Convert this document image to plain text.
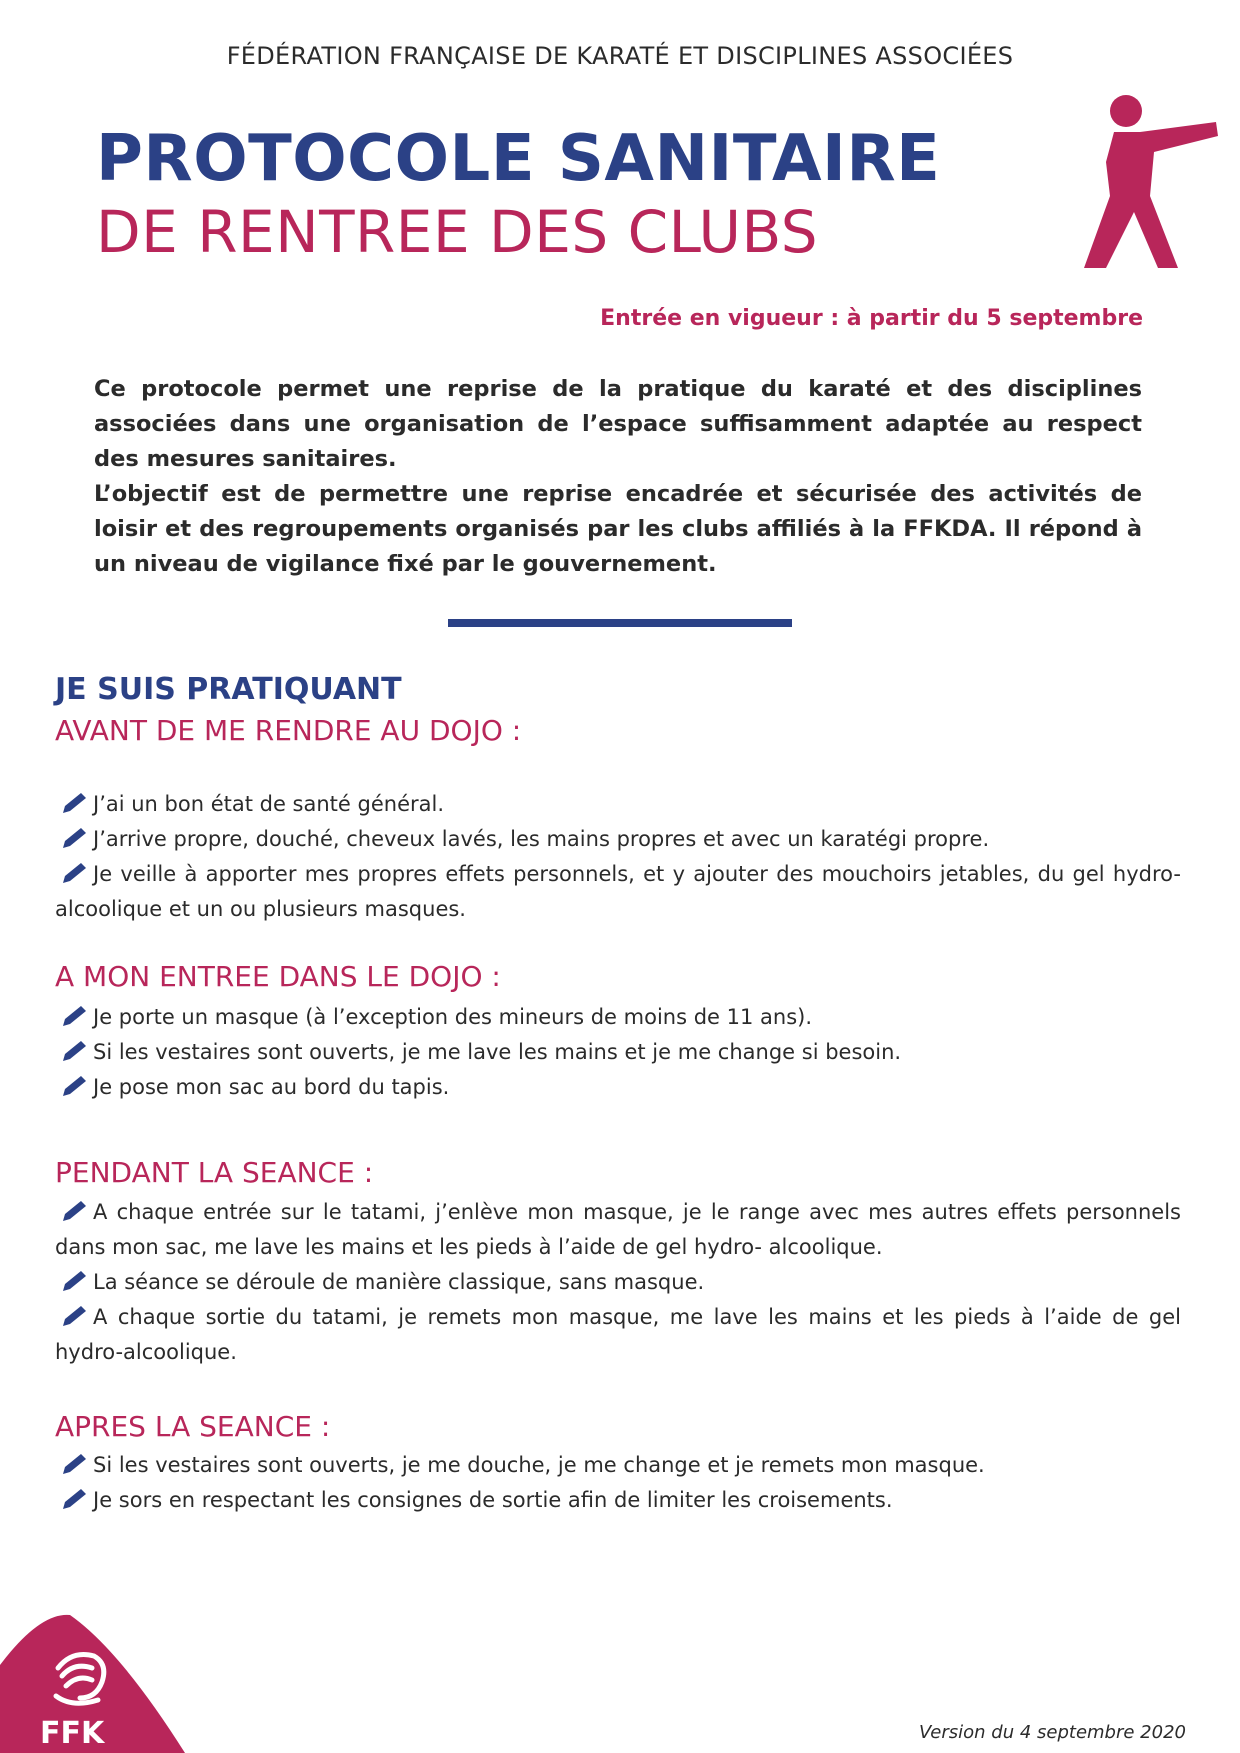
FÉDÉRATION FRANÇAISE DE KARATÉ ET DISCIPLINES ASSOCIÉES
PROTOCOLE SANITAIRE
DE RENTREE DES CLUBS
Entrée en vigueur : à partir du 5 septembre

Ce protocole permet une reprise de la pratique du karaté et des disciplines associées dans une organisation de l’espace suffisamment adaptée au respect des mesures sanitaires.

L’objectif est de permettre une reprise encadrée et sécurisée des activités de loisir et des regroupements organisés par les clubs affiliés à la FFKDA. Il répond à un niveau de vigilance fixé par le gouvernement.

JE SUIS PRATIQUANT
AVANT DE ME RENDRE AU DOJO :
J’ai un bon état de santé général.
J’arrive propre, douché, cheveux lavés, les mains propres et avec un karatégi propre.
Je veille à apporter mes propres effets personnels, et y ajouter des mouchoirs jetables, du gel hydro-alcoolique et un ou plusieurs masques.
A MON ENTREE DANS LE DOJO :
Je porte un masque (à l’exception des mineurs de moins de 11 ans).
Si les vestaires sont ouverts, je me lave les mains et je me change si besoin.
Je pose mon sac au bord du tapis.
PENDANT LA SEANCE :
A chaque entrée sur le tatami, j’enlève mon masque, je le range avec mes autres effets personnels dans mon sac, me lave les mains et les pieds à l’aide de gel hydro- alcoolique.
La séance se déroule de manière classique, sans masque.
A chaque sortie du tatami, je remets mon masque, me lave les mains et les pieds à l’aide de gel hydro-alcoolique.
APRES LA SEANCE :
Si les vestaires sont ouverts, je me douche, je me change et je remets mon masque.
Je sors en respectant les consignes de sortie afin de limiter les croisements.
FFK	Version du 4 septembre 2020
